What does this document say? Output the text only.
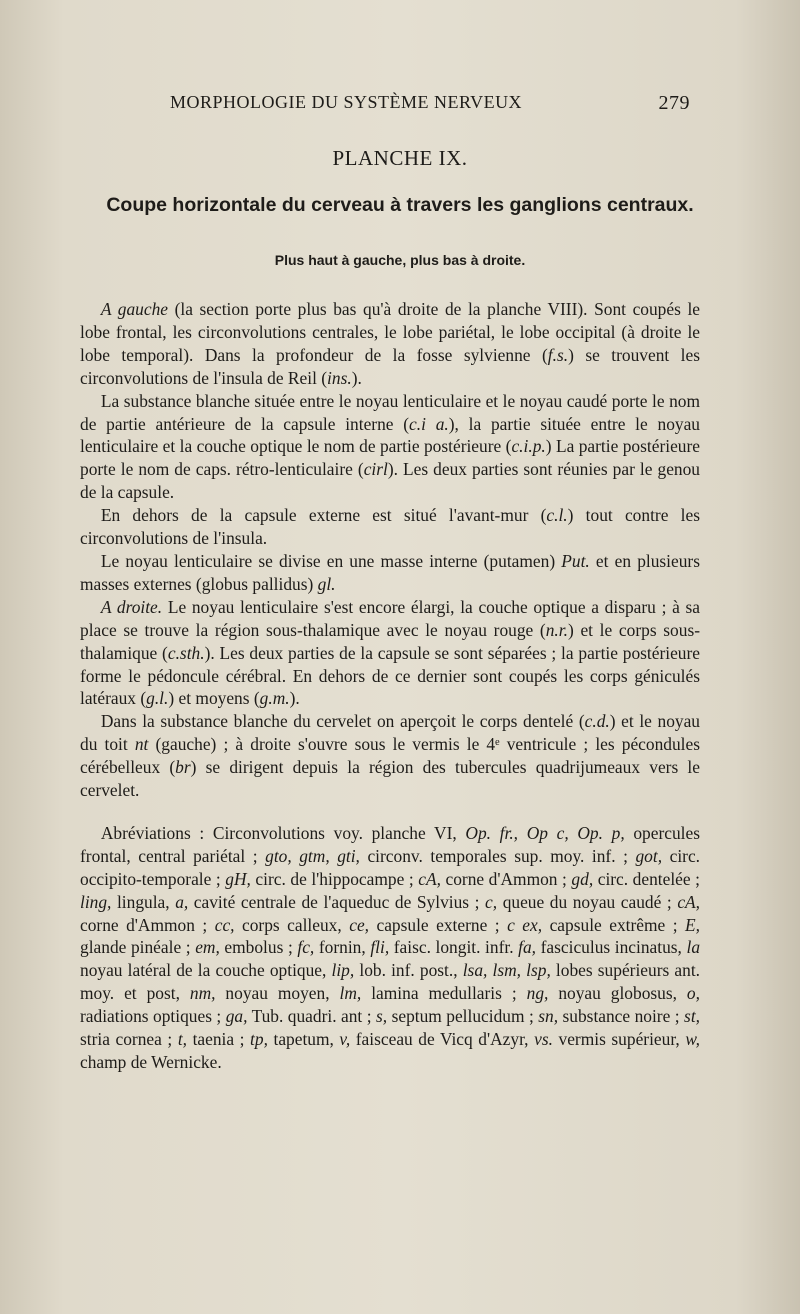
MORPHOLOGIE DU SYSTÈME NERVEUX	279
PLANCHE IX.
Coupe horizontale du cerveau à travers les ganglions centraux.
Plus haut à gauche, plus bas à droite.

A gauche (la section porte plus bas qu'à droite de la planche VIII). Sont coupés le lobe frontal, les circonvolutions centrales, le lobe pariétal, le lobe occipital (à droite le lobe temporal). Dans la profondeur de la fosse sylvienne (f.s.) se trouvent les circonvolutions de l'insula de Reil (ins.).

La substance blanche située entre le noyau lenticulaire et le noyau caudé porte le nom de partie antérieure de la capsule interne (c.i a.), la partie située entre le noyau lenticulaire et la couche optique le nom de partie postérieure (c.i.p.) La partie postérieure porte le nom de caps. rétro-lenticulaire (cirl). Les deux parties sont réunies par le genou de la capsule.

En dehors de la capsule externe est situé l'avant-mur (c.l.) tout contre les circonvolutions de l'insula.

Le noyau lenticulaire se divise en une masse interne (putamen) Put. et en plusieurs masses externes (globus pallidus) gl.

A droite. Le noyau lenticulaire s'est encore élargi, la couche optique a disparu ; à sa place se trouve la région sous-thalamique avec le noyau rouge (n.r.) et le corps sous-thalamique (c.sth.). Les deux parties de la capsule se sont séparées ; la partie postérieure forme le pédoncule cérébral. En dehors de ce dernier sont coupés les corps géniculés latéraux (g.l.) et moyens (g.m.).

Dans la substance blanche du cervelet on aperçoit le corps dentelé (c.d.) et le noyau du toit nt (gauche) ; à droite s'ouvre sous le vermis le 4ᵉ ventricule ; les pécondules cérébelleux (br) se dirigent depuis la région des tubercules quadrijumeaux vers le cervelet.

Abréviations : Circonvolutions voy. planche VI, Op. fr., Op c, Op. p, opercules frontal, central pariétal ; gto, gtm, gti, circonv. temporales sup. moy. inf. ; got, circ. occipito-temporale ; gH, circ. de l'hippocampe ; cA, corne d'Ammon ; gd, circ. dentelée ; ling, lingula, a, cavité centrale de l'aqueduc de Sylvius ; c, queue du noyau caudé ; cA, corne d'Ammon ; cc, corps calleux, ce, capsule externe ; c ex, capsule extrême ; E, glande pinéale ; em, embolus ; fc, fornin, fli, faisc. longit. infr. fa, fasciculus incinatus, la noyau latéral de la couche optique, lip, lob. inf. post., lsa, lsm, lsp, lobes supérieurs ant. moy. et post, nm, noyau moyen, lm, lamina medullaris ; ng, noyau globosus, o, radiations optiques ; ga, Tub. quadri. ant ; s, septum pellucidum ; sn, substance noire ; st, stria cornea ; t, taenia ; tp, tapetum, v, faisceau de Vicq d'Azyr, vs. vermis supérieur, w, champ de Wernicke.
